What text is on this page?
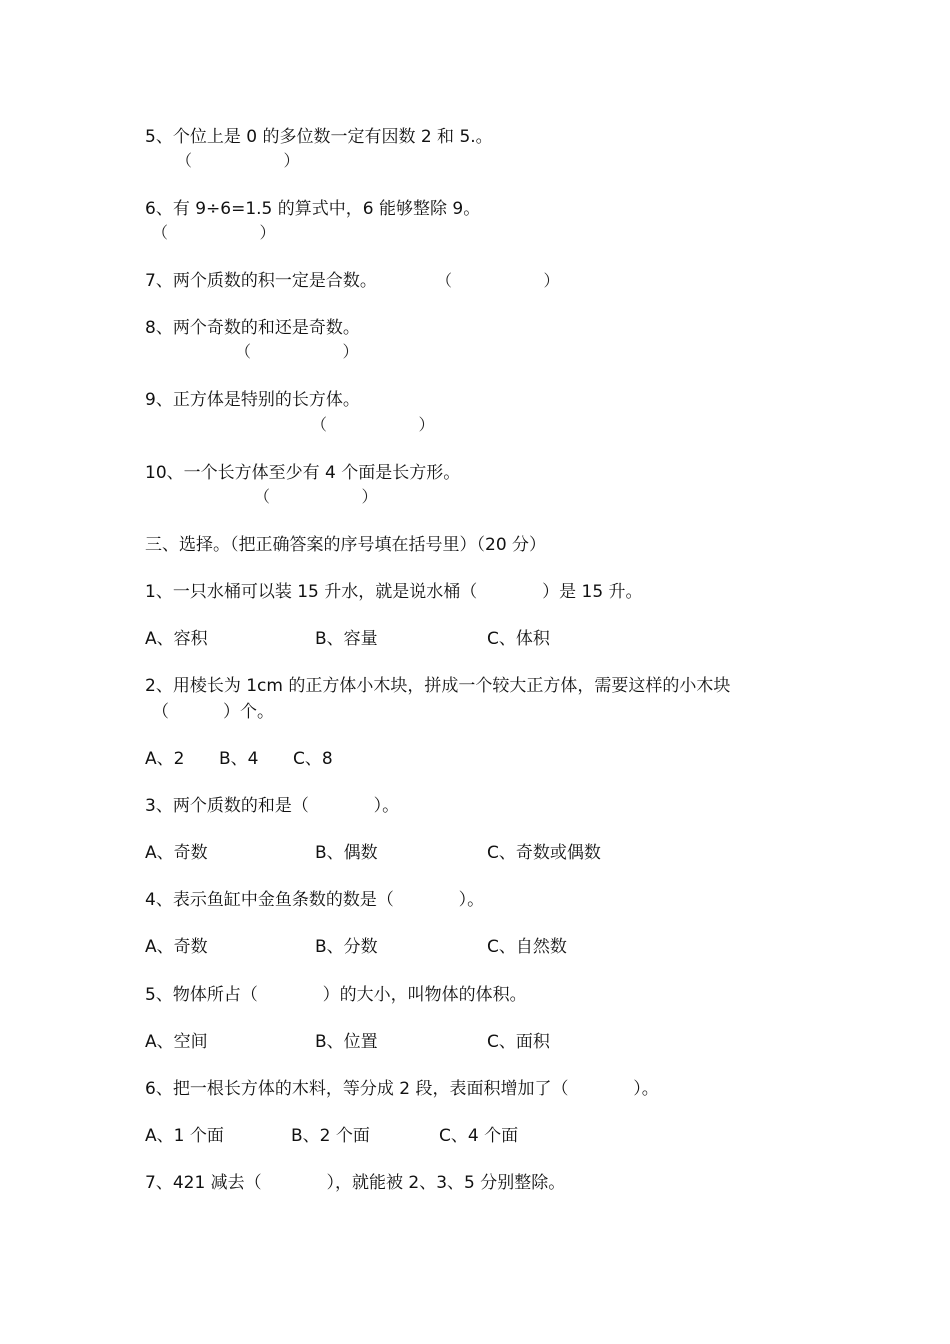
5、个位上是 0 的多位数一定有因数 2 和 5.。
（                  ）
6、有 9÷6=1.5 的算式中，6 能够整除 9。
（                  ）
7、两个质数的积一定是合数。	（                  ）
8、两个奇数的和还是奇数。
（                  ）
9、正方体是特别的长方体。
（                  ）
10、一个长方体至少有 4 个面是长方形。
（                  ）
三、选择。（把正确答案的序号填在括号里）（20 分）
1、一只水桶可以装 15 升水，就是说水桶（            ）是 15 升。
A、容积	B、容量	C、体积
2、用棱长为 1cm 的正方体小木块，拼成一个较大正方体，需要这样的小木块
（          ）个。
A、2 B、4 C、8
3、两个质数的和是（            ）。
A、奇数	B、偶数	C、奇数或偶数
4、表示鱼缸中金鱼条数的数是（            ）。
A、奇数	B、分数	C、自然数
5、物体所占（            ）的大小，叫物体的体积。
A、空间	B、位置	C、面积
6、把一根长方体的木料，等分成 2 段，表面积增加了（            ）。
A、1 个面	B、2 个面	C、4 个面
7、421 减去（            ），就能被 2、3、5 分别整除。
